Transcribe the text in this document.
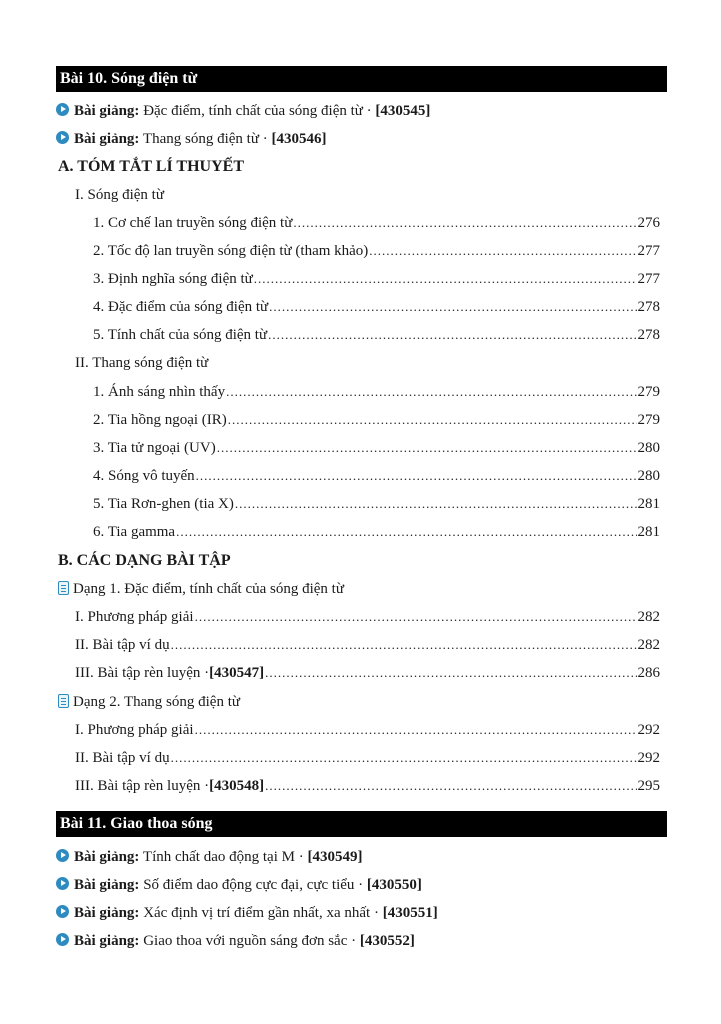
Bài 10. Sóng điện từ
Bài giảng: Đặc điểm, tính chất của sóng điện từ · [430545]
Bài giảng: Thang sóng điện từ · [430546]
A. TÓM TẮT LÍ THUYẾT
I. Sóng điện từ
1. Cơ chế lan truyền sóng điện từ .....	276
2. Tốc độ lan truyền sóng điện từ (tham khảo) .....	277
3. Định nghĩa sóng điện từ .....	277
4. Đặc điểm của sóng điện từ .....	278
5. Tính chất của sóng điện từ .....	278
II. Thang sóng điện từ
1. Ánh sáng nhìn thấy .....	279
2. Tia hồng ngoại (IR) .....	279
3. Tia tử ngoại (UV) .....	280
4. Sóng vô tuyến .....	280
5. Tia Rơn-ghen (tia X) .....	281
6. Tia gamma .....	281
B. CÁC DẠNG BÀI TẬP
Dạng 1. Đặc điểm, tính chất của sóng điện từ
I. Phương pháp giải .....	282
II. Bài tập ví dụ .....	282
III. Bài tập rèn luyện · [430547] .....	286
Dạng 2. Thang sóng điện từ
I. Phương pháp giải .....	292
II. Bài tập ví dụ .....	292
III. Bài tập rèn luyện · [430548] .....	295
Bài 11. Giao thoa sóng
Bài giảng: Tính chất dao động tại M · [430549]
Bài giảng: Số điểm dao động cực đại, cực tiểu · [430550]
Bài giảng: Xác định vị trí điểm gần nhất, xa nhất · [430551]
Bài giảng: Giao thoa với nguồn sáng đơn sắc · [430552]
